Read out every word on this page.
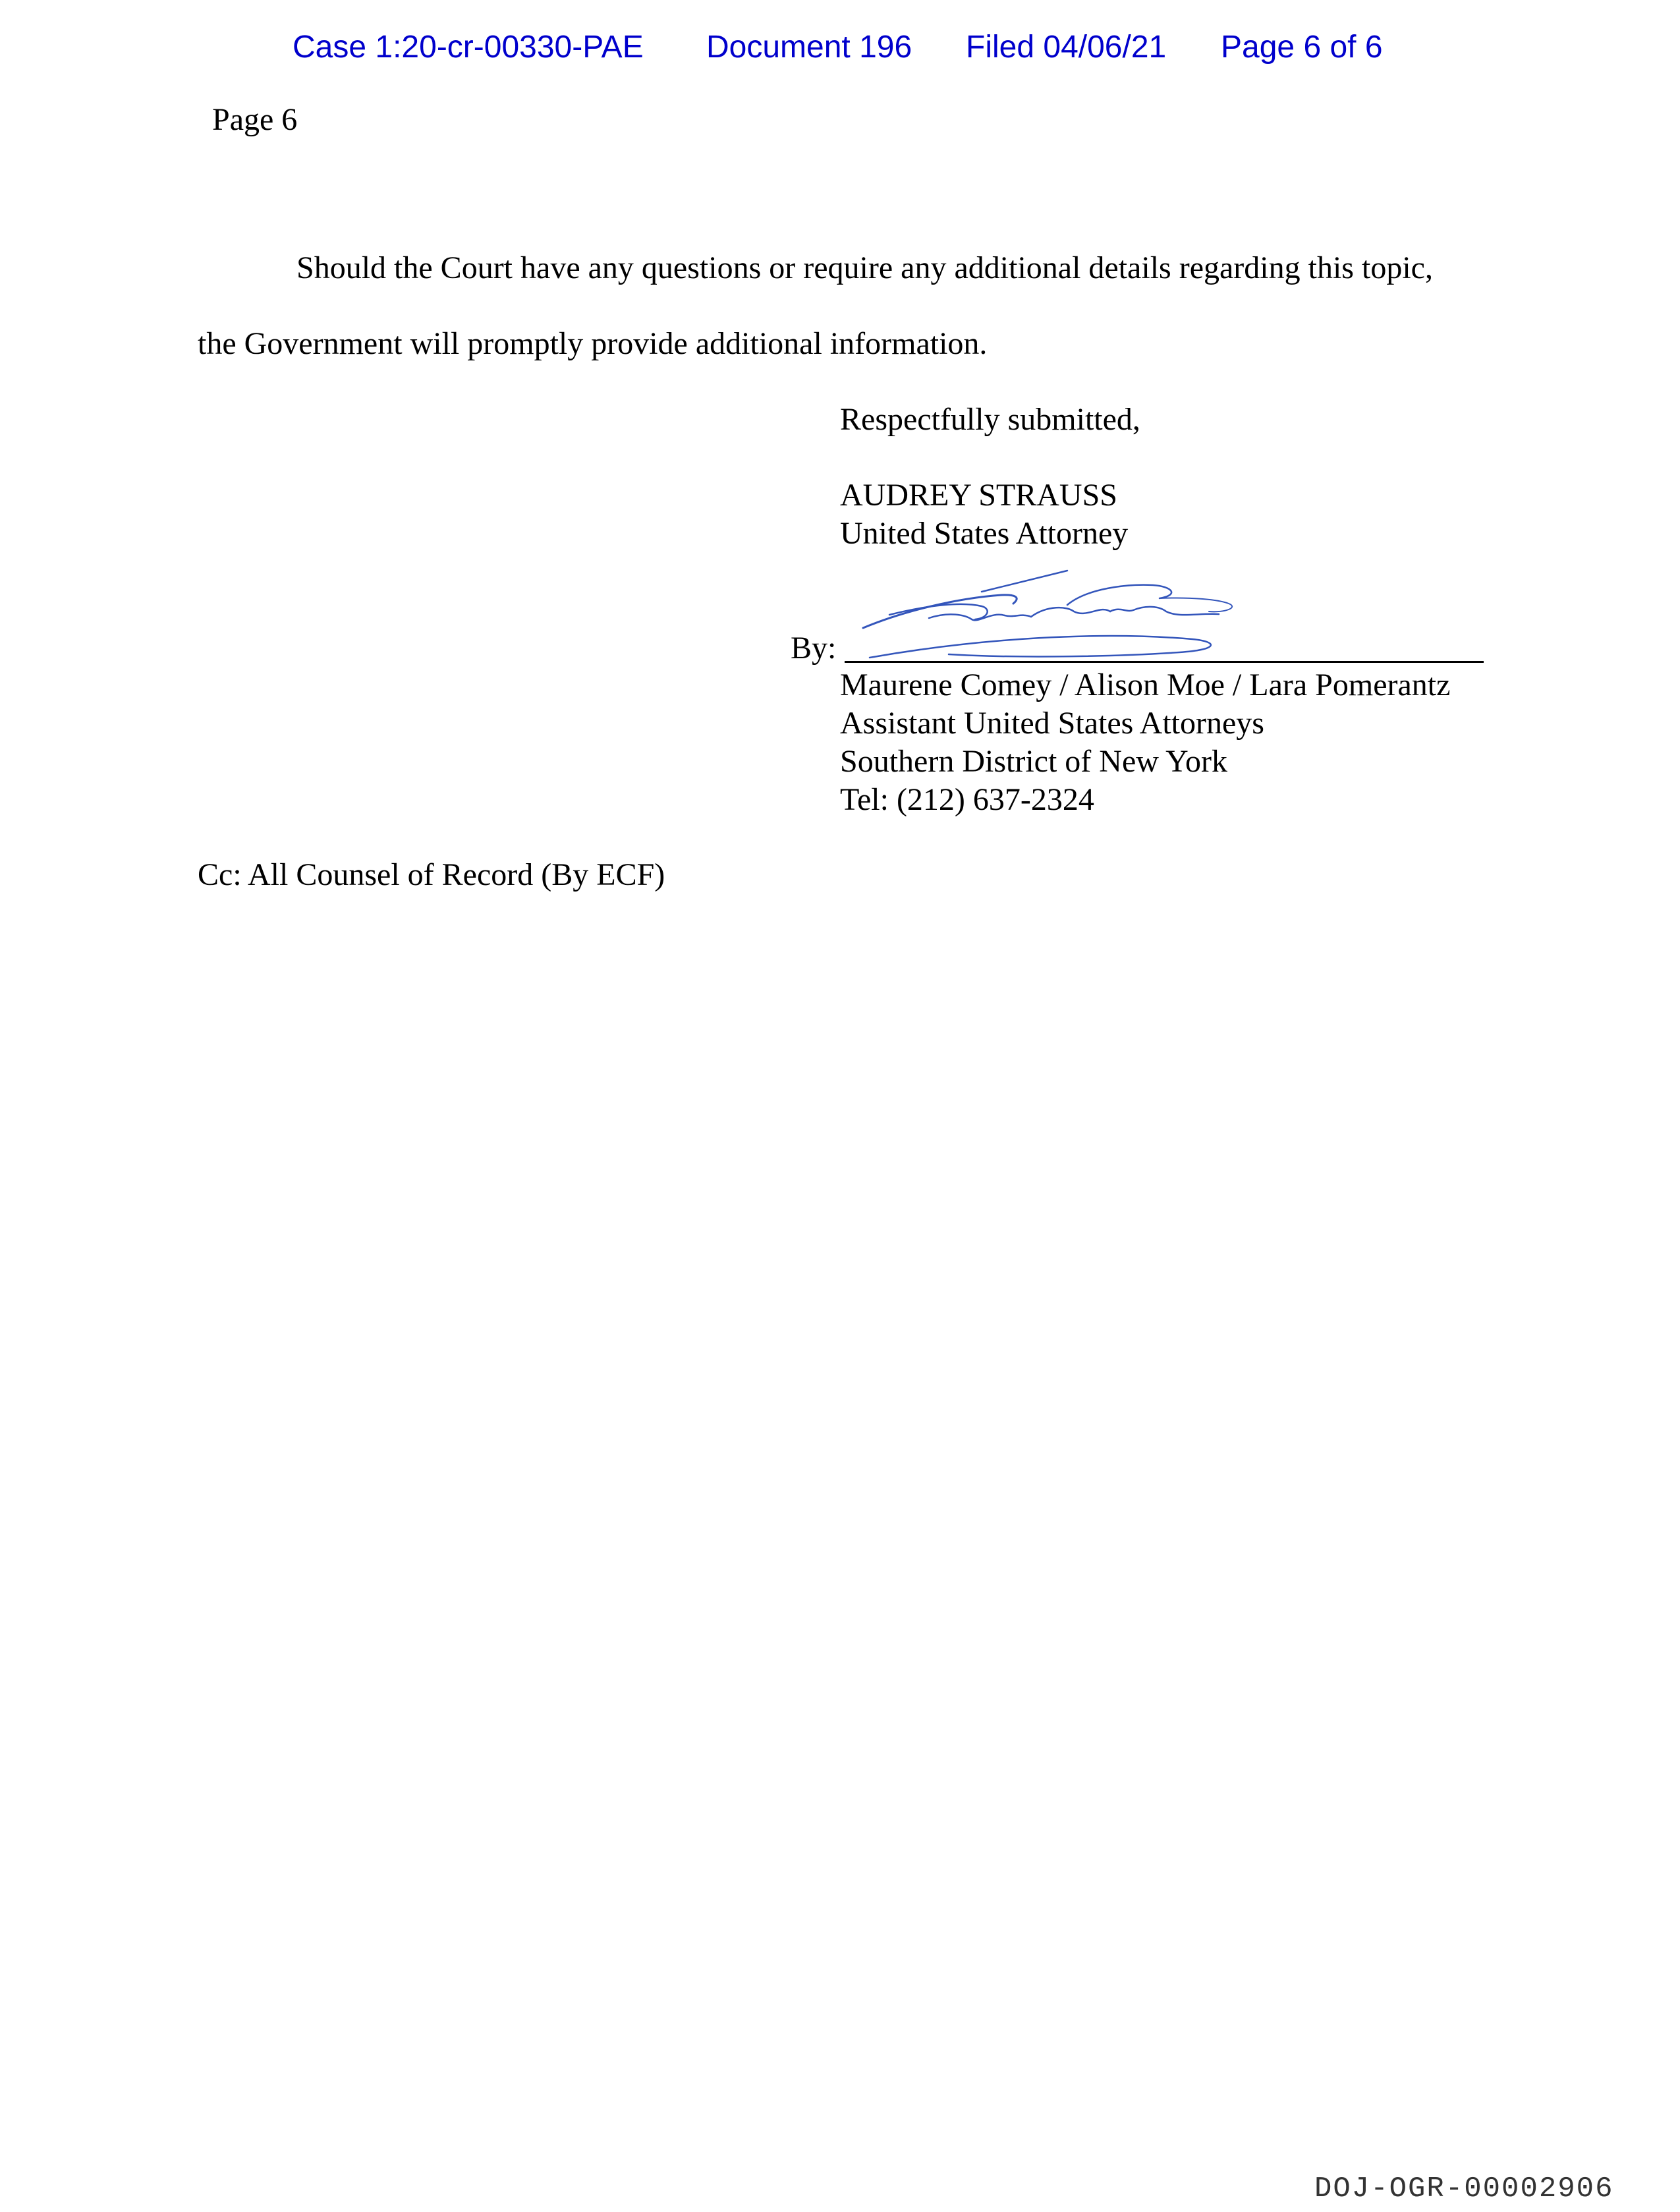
Case 1:20-cr-00330-PAE Document 196 Filed 04/06/21 Page 6 of 6
Page 6
Should the Court have any questions or require any additional details regarding this topic,
the Government will promptly provide additional information.
Respectfully submitted,
AUDREY STRAUSS
United States Attorney
By:
Maurene Comey / Alison Moe / Lara Pomerantz
Assistant United States Attorneys
Southern District of New York
Tel: (212) 637-2324
Cc: All Counsel of Record (By ECF)
DOJ-OGR-00002906
